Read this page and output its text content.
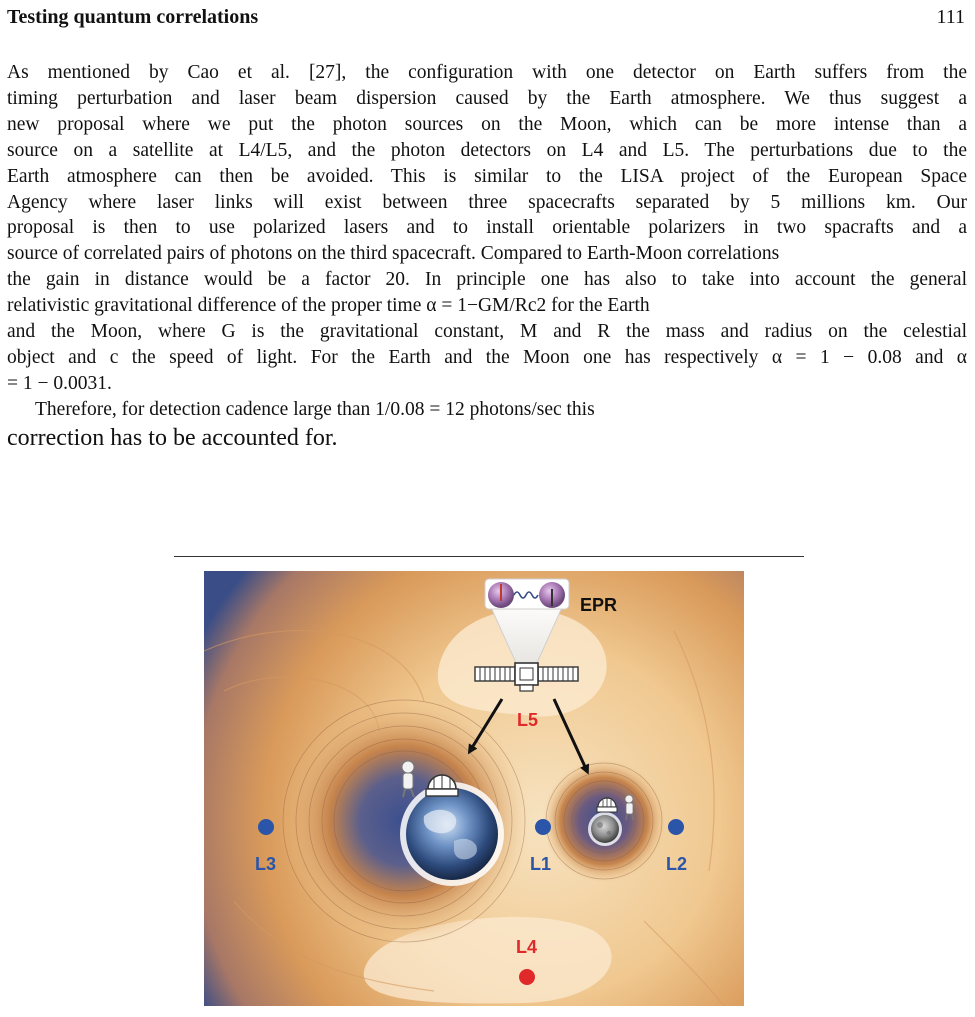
Testing quantum correlations	111

As mentioned by Cao et al. [27], the configuration with one detector on Earth suffers from the

timing perturbation and laser beam dispersion caused by the Earth atmosphere. We thus suggest a

new proposal where we put the photon sources on the Moon, which can be more intense than a

source on a satellite at L4/L5, and the photon detectors on L4 and L5. The perturbations due to the

Earth atmosphere can then be avoided. This is similar to the LISA project of the European Space

Agency where laser links will exist between three spacecrafts separated by 5 millions km. Our

proposal is then to use polarized lasers and to install orientable polarizers in two spacrafts and a

source of correlated pairs of photons on the third spacecraft. Compared to Earth-Moon correlations

the gain in distance would be a factor 20. In principle one has also to take into account the general

relativistic gravitational difference of the proper time α = 1−GM/Rc2 for the Earth

and the Moon, where G is the gravitational constant, M and R the mass and radius on the celestial

object and c the speed of light. For the Earth and the Moon one has respectively α = 1 − 0.08 and α

= 1 − 0.0031.

Therefore, for detection cadence large than 1/0.08 = 12 photons/sec this

correction has to be accounted for.

EPR
L5
L3	L1	L2
L4
